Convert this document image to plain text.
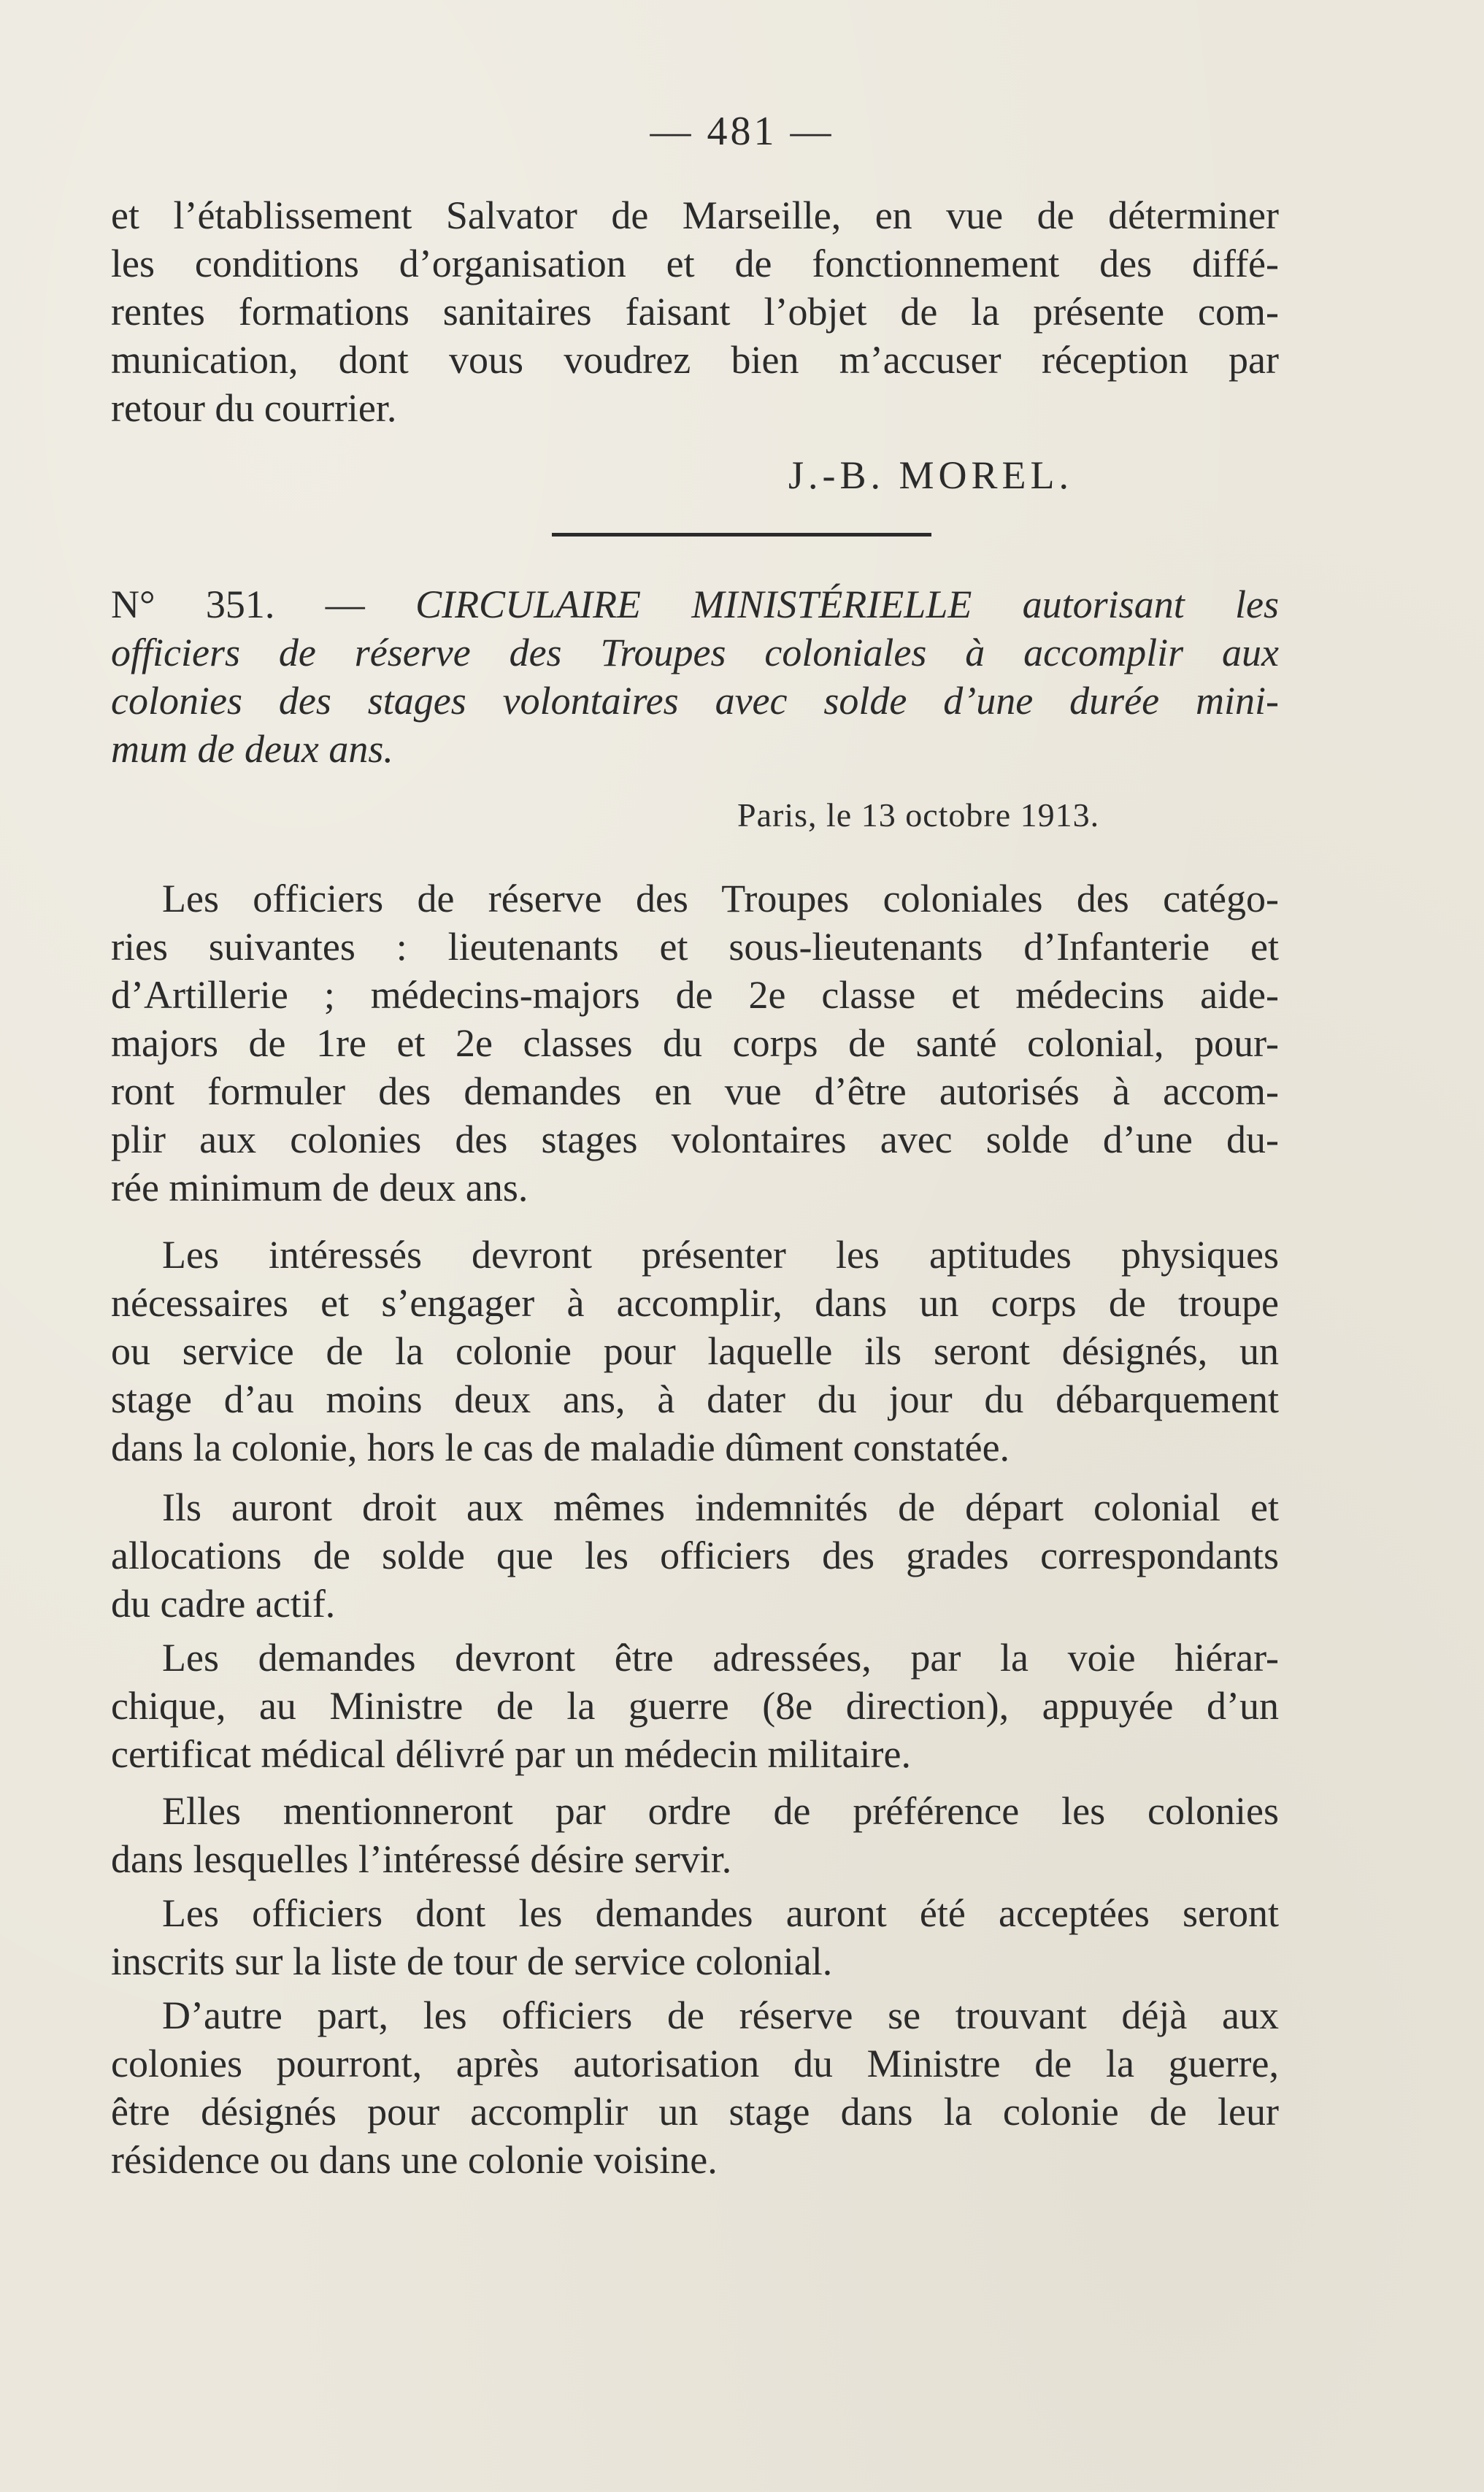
— 481 —
et l’établissement Salvator de Marseille, en vue de déterminer
les conditions d’organisation et de fonctionnement des diffé-
rentes formations sanitaires faisant l’objet de la présente com-
munication, dont vous voudrez bien m’accuser réception par
retour du courrier.
J.-B. MOREL.
N° 351. — CIRCULAIRE MINISTÉRIELLE autorisant les
officiers de réserve des Troupes coloniales à accomplir aux
colonies des stages volontaires avec solde d’une durée mini-
mum de deux ans.
Paris, le 13 octobre 1913.
Les officiers de réserve des Troupes coloniales des catégo-
ries suivantes : lieutenants et sous-lieutenants d’Infanterie et
d’Artillerie ; médecins-majors de 2e classe et médecins aide-
majors de 1re et 2e classes du corps de santé colonial, pour-
ront formuler des demandes en vue d’être autorisés à accom-
plir aux colonies des stages volontaires avec solde d’une du-
rée minimum de deux ans.
Les intéressés devront présenter les aptitudes physiques
nécessaires et s’engager à accomplir, dans un corps de troupe
ou service de la colonie pour laquelle ils seront désignés, un
stage d’au moins deux ans, à dater du jour du débarquement
dans la colonie, hors le cas de maladie dûment constatée.
Ils auront droit aux mêmes indemnités de départ colonial et
allocations de solde que les officiers des grades correspondants
du cadre actif.
Les demandes devront être adressées, par la voie hiérar-
chique, au Ministre de la guerre (8e direction), appuyée d’un
certificat médical délivré par un médecin militaire.
Elles mentionneront par ordre de préférence les colonies
dans lesquelles l’intéressé désire servir.
Les officiers dont les demandes auront été acceptées seront
inscrits sur la liste de tour de service colonial.
D’autre part, les officiers de réserve se trouvant déjà aux
colonies pourront, après autorisation du Ministre de la guerre,
être désignés pour accomplir un stage dans la colonie de leur
résidence ou dans une colonie voisine.
